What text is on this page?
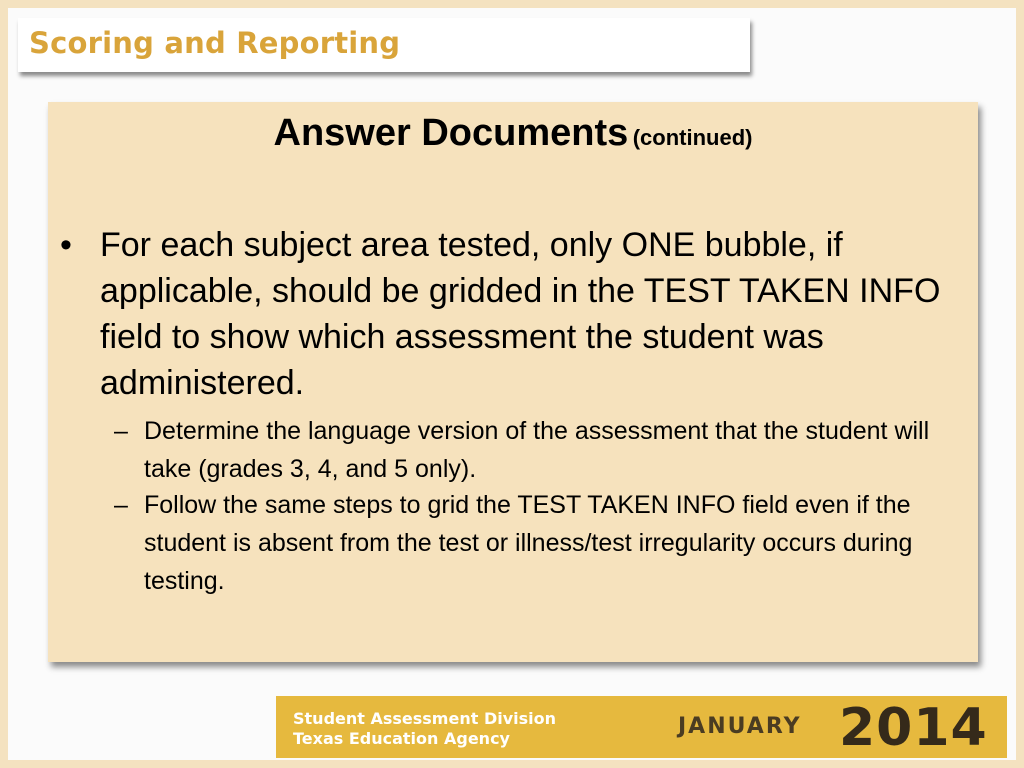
Scoring and Reporting
Answer Documents (continued)
• For each subject area tested, only ONE bubble, if applicable, should be gridded in the TEST TAKEN INFO field to show which assessment the student was administered.
– Determine the language version of the assessment that the student will take (grades 3, 4, and 5 only).
– Follow the same steps to grid the TEST TAKEN INFO field even if the student is absent from the test or illness/test irregularity occurs during testing.
Student Assessment Division
Texas Education Agency	JANUARY 2014
